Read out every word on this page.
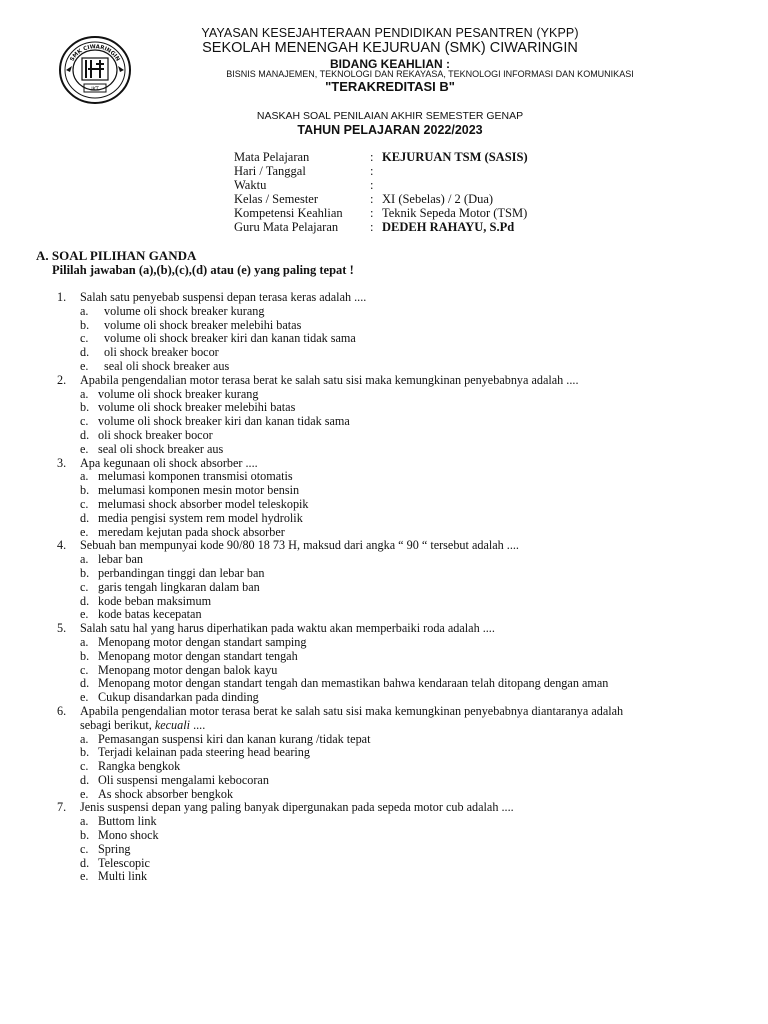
IKT
SMK CIWARINGIN
YAYASAN KESEJAHTERAAN PENDIDIKAN PESANTREN (YKPP)
SEKOLAH MENENGAH KEJURUAN (SMK) CIWARINGIN
BIDANG KEAHLIAN :
BISNIS MANAJEMEN, TEKNOLOGI DAN REKAYASA, TEKNOLOGI INFORMASI DAN KOMUNIKASI
"TERAKREDITASI B"
NASKAH SOAL PENILAIAN AKHIR SEMESTER GENAP
TAHUN PELAJARAN 2022/2023
Mata Pelajaran	: KEJURUAN TSM (SASIS)
Hari / Tanggal	:
Waktu	:
Kelas / Semester	: XI (Sebelas) / 2 (Dua)
Kompetensi Keahlian : Teknik Sepeda Motor (TSM)
Guru Mata Pelajaran	: DEDEH RAHAYU, S.Pd
A. SOAL PILIHAN GANDA
Pililah jawaban (a),(b),(c),(d) atau (e) yang paling tepat !
1. Salah satu penyebab suspensi depan terasa keras adalah ....
a. volume oli shock breaker kurang
b. volume oli shock breaker melebihi batas
c. volume oli shock breaker kiri dan kanan tidak sama
d. oli shock breaker bocor
e. seal oli shock breaker aus
2. Apabila pengendalian motor terasa berat ke salah satu sisi maka kemungkinan penyebabnya adalah ....
a. volume oli shock breaker kurang
b. volume oli shock breaker melebihi batas
c. volume oli shock breaker kiri dan kanan tidak sama
d. oli shock breaker bocor
e. seal oli shock breaker aus
3. Apa kegunaan oli shock absorber ....
a. melumasi komponen transmisi otomatis
b. melumasi komponen mesin motor bensin
c. melumasi shock absorber model teleskopik
d. media pengisi system rem model hydrolik
e. meredam kejutan pada shock absorber
4. Sebuah ban mempunyai kode 90/80 18 73 H, maksud dari angka “ 90 “ tersebut adalah ....
a. lebar ban
b. perbandingan tinggi dan lebar ban
c. garis tengah lingkaran dalam ban
d. kode beban maksimum
e. kode batas kecepatan
5. Salah satu hal yang harus diperhatikan pada waktu akan memperbaiki roda adalah ....
a. Menopang motor dengan standart samping
b. Menopang motor dengan standart tengah
c. Menopang motor dengan balok kayu
d. Menopang motor dengan standart tengah dan memastikan bahwa kendaraan telah ditopang dengan aman
e. Cukup disandarkan pada dinding
6. Apabila pengendalian motor terasa berat ke salah satu sisi maka kemungkinan penyebabnya diantaranya adalah
sebagi berikut, kecuali ....
a. Pemasangan suspensi kiri dan kanan kurang /tidak tepat
b. Terjadi kelainan pada steering head bearing
c. Rangka bengkok
d. Oli suspensi mengalami kebocoran
e. As shock absorber bengkok
7. Jenis suspensi depan yang paling banyak dipergunakan pada sepeda motor cub adalah ....
a. Buttom link
b. Mono shock
c. Spring
d. Telescopic
e. Multi link
